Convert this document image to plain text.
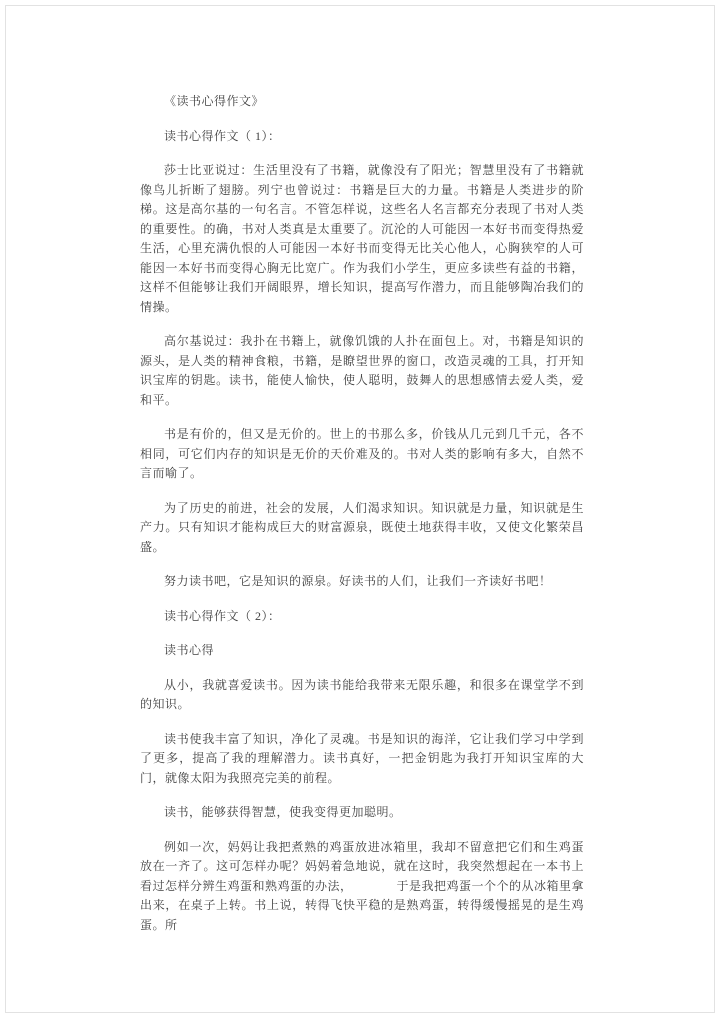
《读书心得作文》

读书心得作文（ 1）：

莎士比亚说过：生活里没有了书籍，就像没有了阳光；智慧里没有了书籍就像鸟儿折断了翅膀。列宁也曾说过：书籍是巨大的力量。书籍是人类进步的阶梯。这是高尔基的一句名言。不管怎样说，这些名人名言都充分表现了书对人类的重要性。的确，书对人类真是太重要了。沉沦的人可能因一本好书而变得热爱生活，心里充满仇恨的人可能因一本好书而变得无比关心他人，心胸狭窄的人可能因一本好书而变得心胸无比宽广。作为我们小学生，更应多读些有益的书籍，这样不但能够让我们开阔眼界，增长知识，提高写作潜力，而且能够陶冶我们的情操。

高尔基说过：我扑在书籍上，就像饥饿的人扑在面包上。对，书籍是知识的源头，是人类的精神食粮，书籍，是瞭望世界的窗口，改造灵魂的工具，打开知识宝库的钥匙。读书，能使人愉快，使人聪明，鼓舞人的思想感情去爱人类，爱和平。

书是有价的，但又是无价的。世上的书那么多，价钱从几元到几千元，各不相同，可它们内存的知识是无价的天价难及的。书对人类的影响有多大，自然不言而喻了。

为了历史的前进，社会的发展，人们渴求知识。知识就是力量，知识就是生产力。只有知识才能构成巨大的财富源泉，既使土地获得丰收，又使文化繁荣昌盛。

努力读书吧，它是知识的源泉。好读书的人们，让我们一齐读好书吧！

读书心得作文（ 2）：

读书心得

从小，我就喜爱读书。因为读书能给我带来无限乐趣，和很多在课堂学不到的知识。

读书使我丰富了知识，净化了灵魂。书是知识的海洋，它让我们学习中学到了更多，提高了我的理解潜力。读书真好，一把金钥匙为我打开知识宝库的大门，就像太阳为我照亮完美的前程。

读书，能够获得智慧，使我变得更加聪明。

例如一次，妈妈让我把煮熟的鸡蛋放进冰箱里，我却不留意把它们和生鸡蛋放在一齐了。这可怎样办呢？妈妈着急地说，就在这时，我突然想起在一本书上看过怎样分辨生鸡蛋和熟鸡蛋的办法，　　　　于是我把鸡蛋一个个的从冰箱里拿出来，在桌子上转。书上说，转得飞快平稳的是熟鸡蛋，转得缓慢摇晃的是生鸡蛋。所
